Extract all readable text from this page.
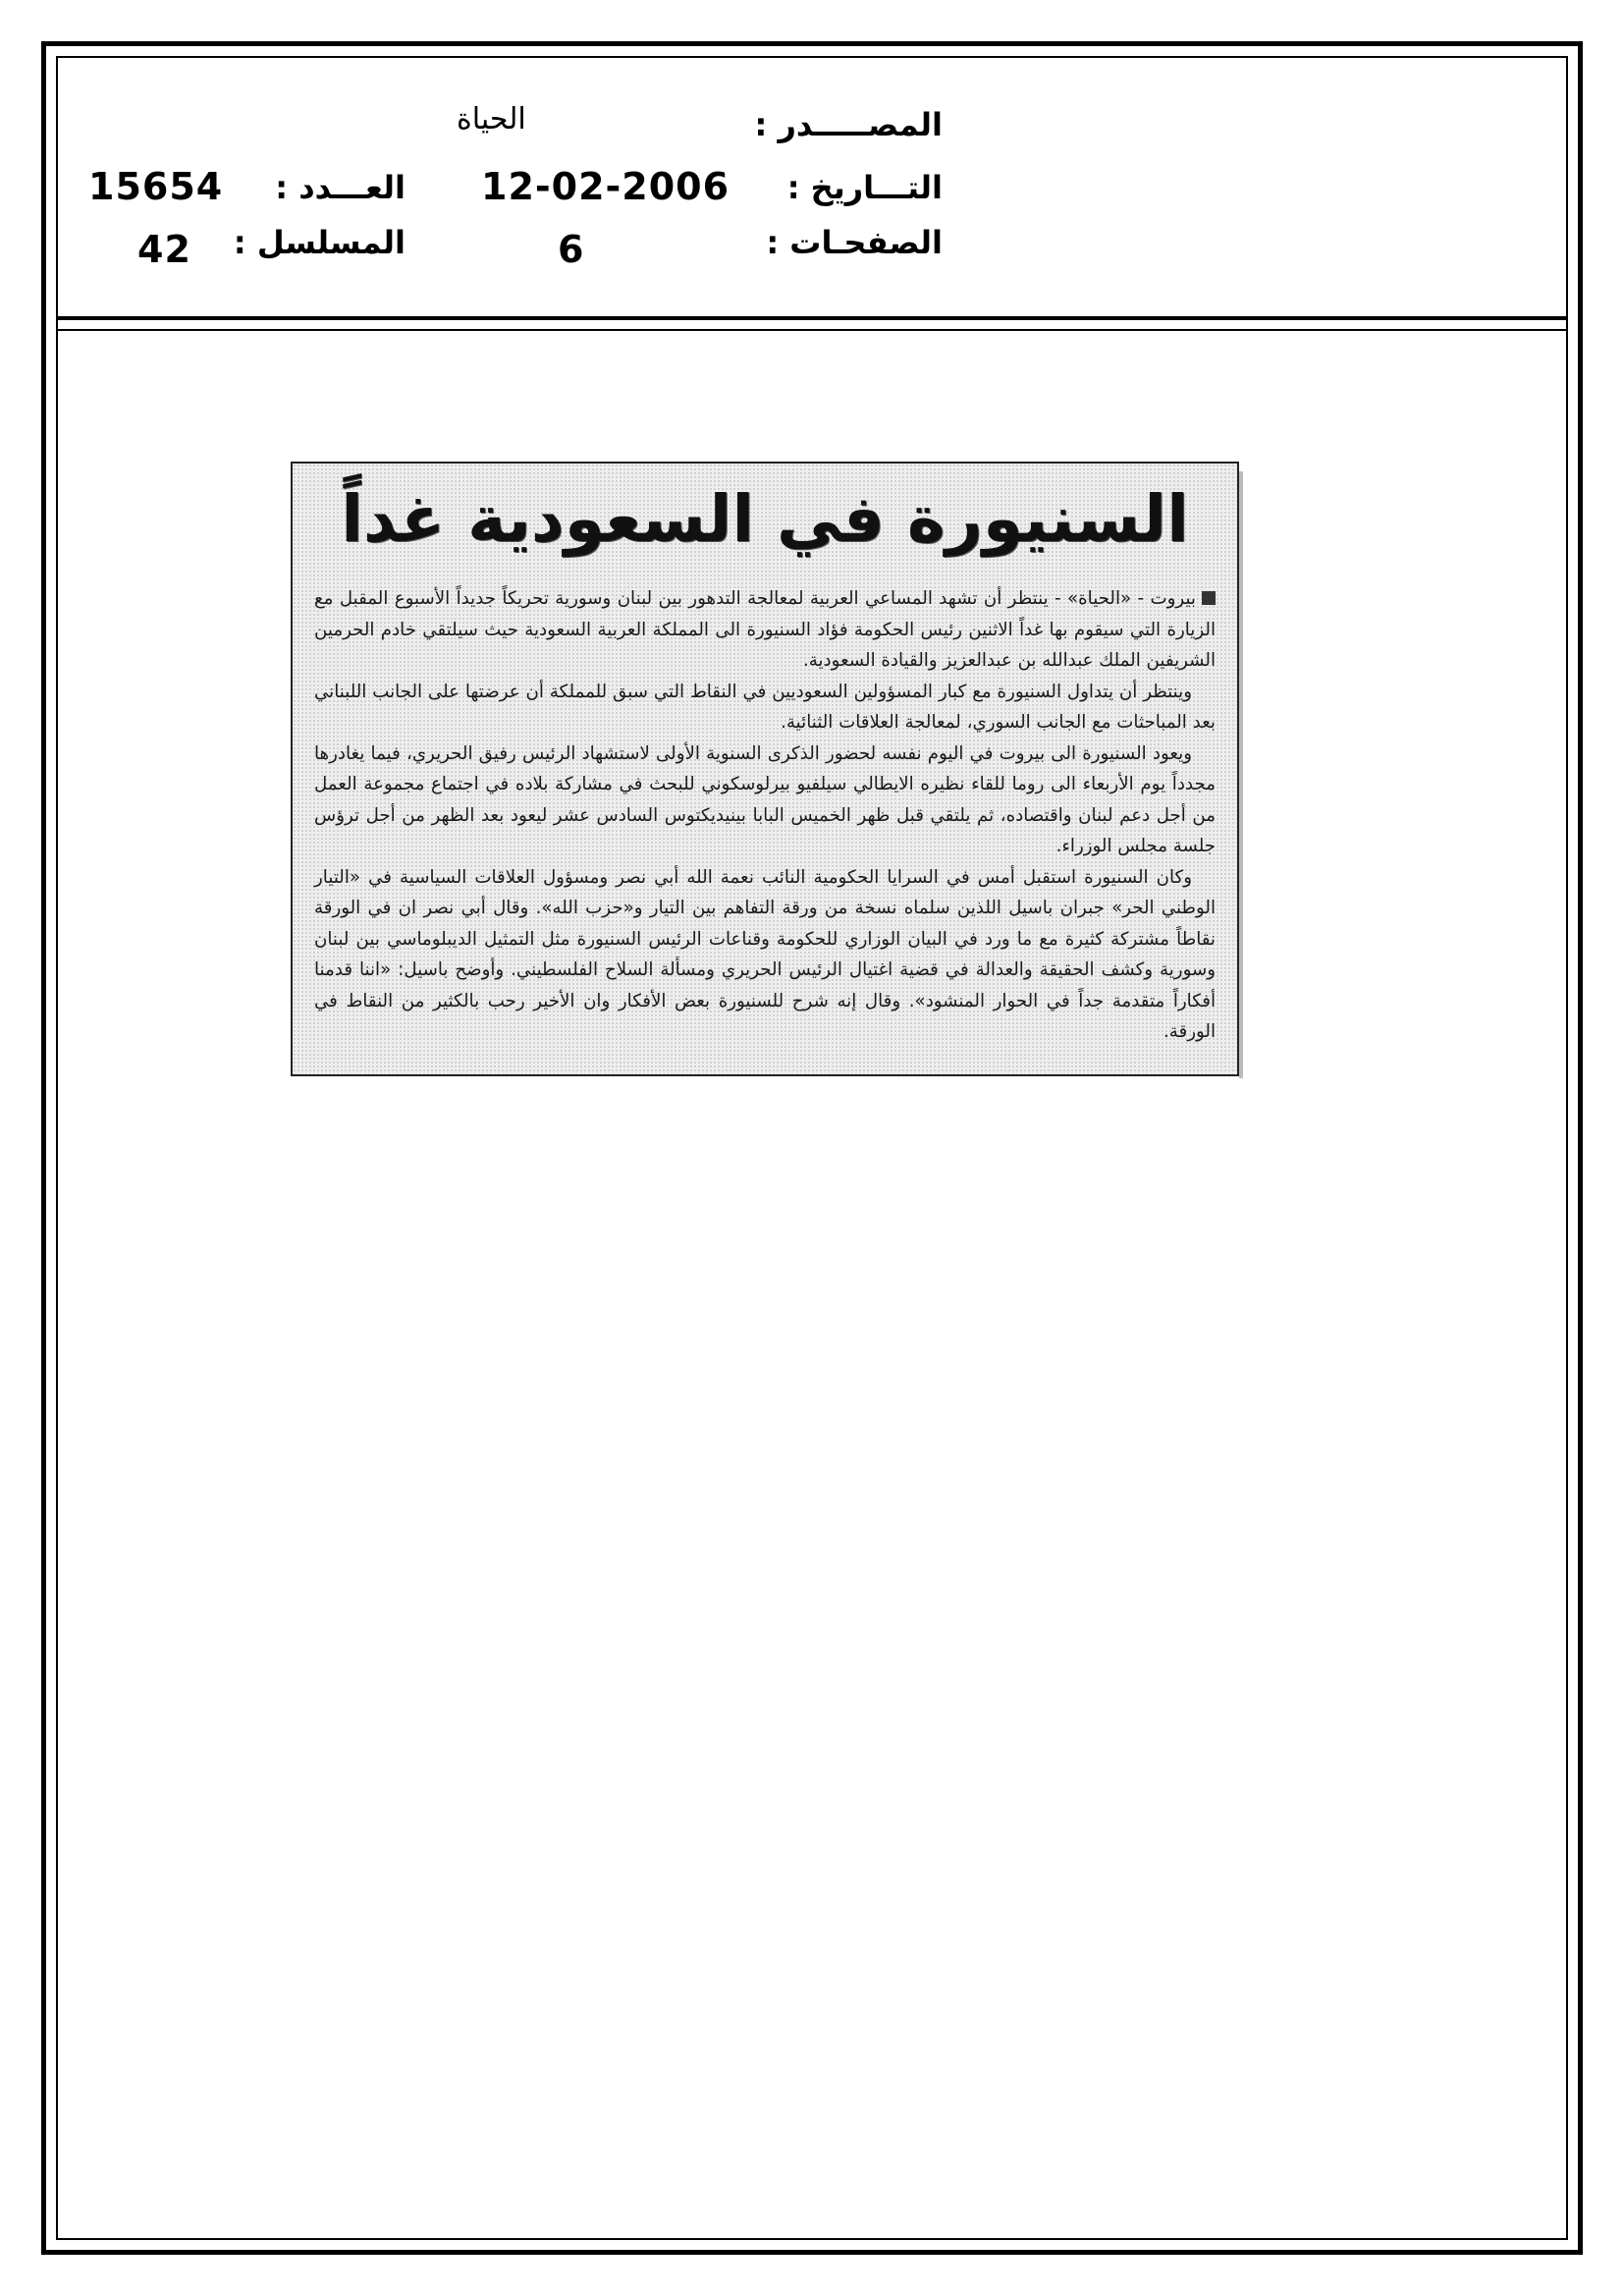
المصـــــدر :
التـــاريخ :
الصفحـات :
الحياة
12-02-2006
6
العـــدد :
المسلسل :
15654
42
السنيورة في السعودية غداً

بيروت - «الحياة» - ينتظر أن تشهد المساعي العربية لمعالجة التدهور بين لبنان وسورية تحريكاً جديداً الأسبوع المقبل مع الزيارة التي سيقوم بها غداً الاثنين رئيس الحكومة فؤاد السنيورة الى المملكة العربية السعودية حيث سيلتقي خادم الحرمين الشريفين الملك عبدالله بن عبدالعزيز والقيادة السعودية.

وينتظر أن يتداول السنيورة مع كبار المسؤولين السعوديين في النقاط التي سبق للمملكة أن عرضتها على الجانب اللبناني بعد المباحثات مع الجانب السوري، لمعالجة العلاقات الثنائية.

ويعود السنيورة الى بيروت في اليوم نفسه لحضور الذكرى السنوية الأولى لاستشهاد الرئيس رفيق الحريري، فيما يغادرها مجدداً يوم الأربعاء الى روما للقاء نظيره الايطالي سيلفيو بيرلوسكوني للبحث في مشاركة بلاده في اجتماع مجموعة العمل من أجل دعم لبنان واقتصاده، ثم يلتقي قبل ظهر الخميس البابا بينيديكتوس السادس عشر ليعود بعد الظهر من أجل ترؤس جلسة مجلس الوزراء.

وكان السنيورة استقبل أمس في السرايا الحكومية النائب نعمة الله أبي نصر ومسؤول العلاقات السياسية في «التيار الوطني الحر» جبران باسيل اللذين سلماه نسخة من ورقة التفاهم بين التيار و«حزب الله». وقال أبي نصر ان في الورقة نقاطاً مشتركة كثيرة مع ما ورد في البيان الوزاري للحكومة وقناعات الرئيس السنيورة مثل التمثيل الديبلوماسي بين لبنان وسورية وكشف الحقيقة والعدالة في قضية اغتيال الرئيس الحريري ومسألة السلاح الفلسطيني. وأوضح باسيل: «اننا قدمنا أفكاراً متقدمة جداً في الحوار المنشود». وقال إنه شرح للسنيورة بعض الأفكار وان الأخير رحب بالكثير من النقاط في الورقة.
